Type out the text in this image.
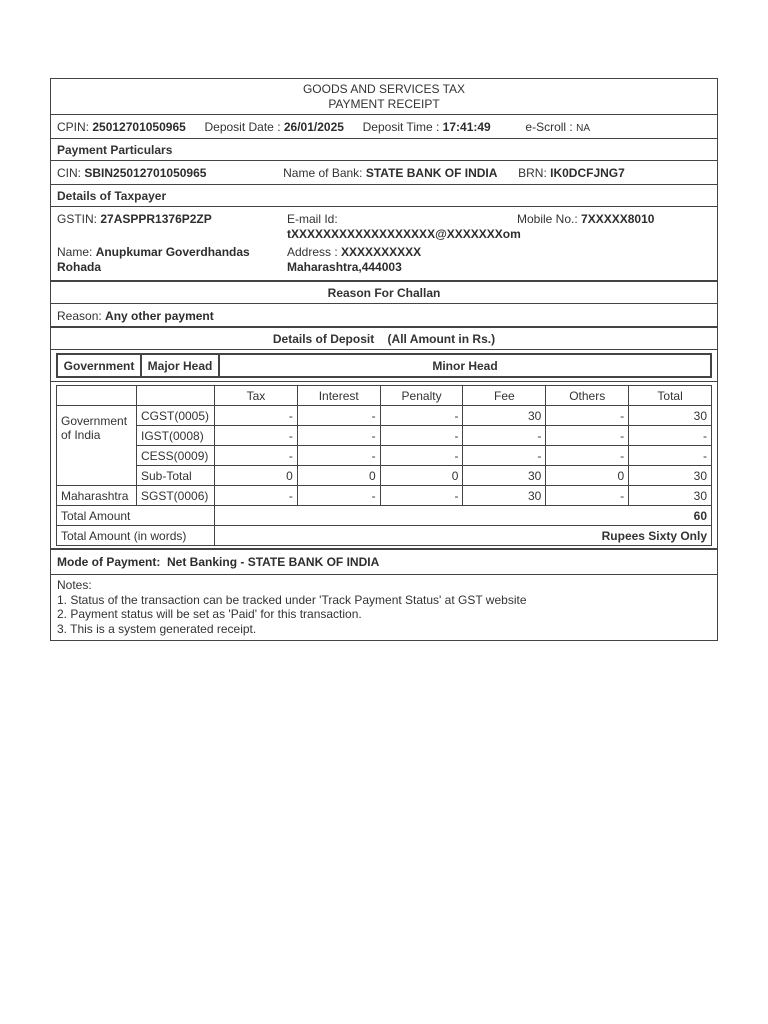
GOODS AND SERVICES TAX
PAYMENT RECEIPT
CPIN: 25012701050965 Deposit Date : 26/01/2025 Deposit Time : 17:41:49	e-Scroll : NA
Payment Particulars
CIN: SBIN25012701050965	Name of Bank: STATE BANK OF INDIA BRN: IK0DCFJNG7
Details of Taxpayer
GSTIN: 27ASPPR1376P2ZP	E-mail Id:
tXXXXXXXXXXXXXXXXXX@XXXXXXXom
Mobile No.: 7XXXXX8010
Name: Anupkumar Goverdhandas
Rohada
Address : XXXXXXXXXX
Maharashtra,444003
Reason For Challan
Reason: Any other payment
Details of Deposit    (All Amount in Rs.)
Government	Major Head	Minor Head
		Tax	Interest	Penalty	Fee	Others	Total

Government
of India	CGST(0005)	-	-	-	30	-	30
	IGST(0008)	-	-	-	-	-	-
	CESS(0009)	-	-	-	-	-	-
	Sub-Total	0	0	0	30	0	30
Maharashtra	SGST(0006)	-	-	-	30	-	30
Total Amount		60					
Total Amount (in words)		Rupees Sixty Only					
Mode of Payment: Net Banking - STATE BANK OF INDIA
Notes:
1. Status of the transaction can be tracked under 'Track Payment Status' at GST website
2. Payment status will be set as 'Paid' for this transaction.
3. This is a system generated receipt.
